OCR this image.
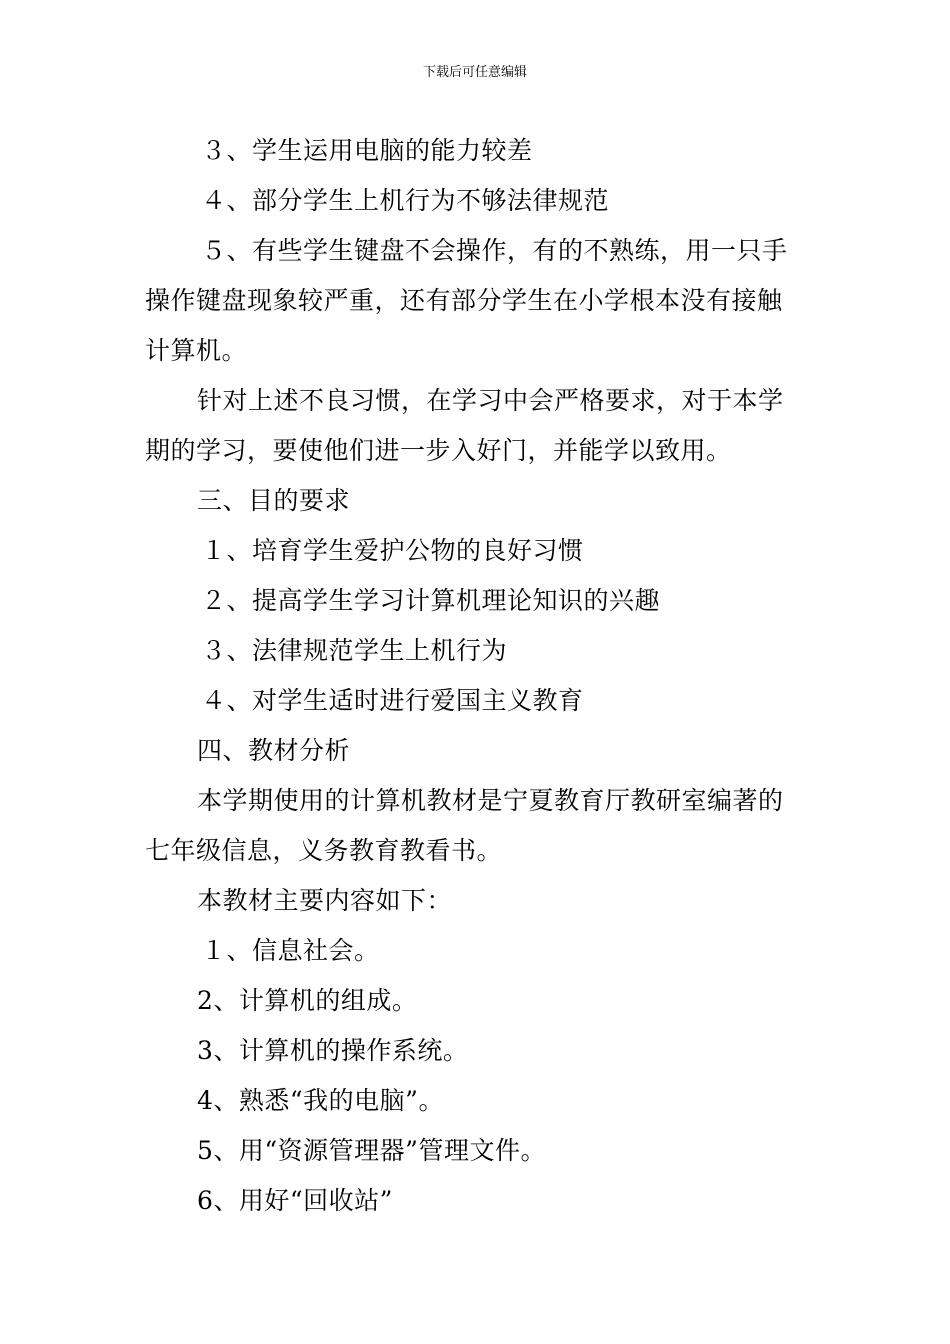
下载后可任意编辑
３、学生运用电脑的能力较差
４、部分学生上机行为不够法律规范
５、有些学生键盘不会操作，有的不熟练，用一只手
操作键盘现象较严重，还有部分学生在小学根本没有接触
计算机。
针对上述不良习惯，在学习中会严格要求，对于本学
期的学习，要使他们进一步入好门，并能学以致用。
三、目的要求
１、培育学生爱护公物的良好习惯
２、提高学生学习计算机理论知识的兴趣
３、法律规范学生上机行为
４、对学生适时进行爱国主义教育
四、教材分析
本学期使用的计算机教材是宁夏教育厅教研室编著的
七年级信息，义务教育教看书。
本教材主要内容如下：
１、信息社会。
2、计算机的组成。
3、计算机的操作系统。
4、熟悉“我的电脑”。
5、用“资源管理器”管理文件。
6、用好“回收站”
